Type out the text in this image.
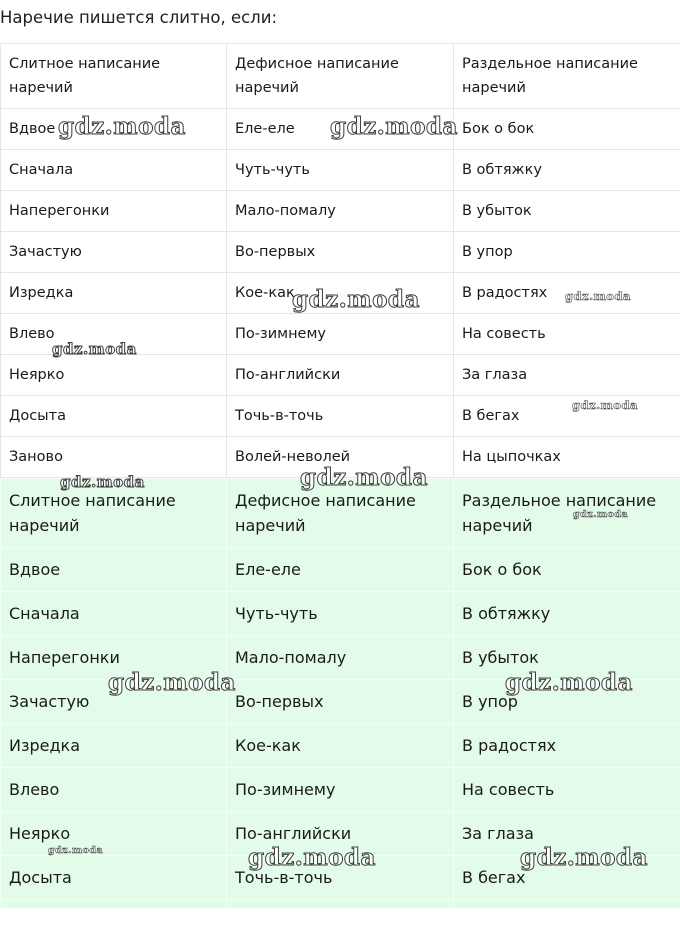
Наречие пишется слитно, если:

Слитное написание наречий	Дефисное написание наречий	Раздельное написание наречий
Вдвое	Еле-еле	Бок о бок
Сначала	Чуть-чуть	В обтяжку
Наперегонки	Мало-помалу	В убыток
Зачастую	Во-первых	В упор
Изредка	Кое-как	В радостях
Влево	По-зимнему	На совесть
Неярко	По-английски	За глаза
Досыта	Точь-в-точь	В бегах
Заново	Волей-неволей	На цыпочках
Слитное написание наречий	Дефисное написание наречий	Раздельное написание наречий
Вдвое	Еле-еле	Бок о бок
Сначала	Чуть-чуть	В обтяжку
Наперегонки	Мало-помалу	В убыток
Зачастую	Во-первых	В упор
Изредка	Кое-как	В радостях
Влево	По-зимнему	На совесть
Неярко	По-английски	За глаза
Досыта	Точь-в-точь	В бегах

gdz.moda	gdz.moda
gdz.moda	gdz.moda
gdz.moda
gdz.moda
gdz.moda	gdz.moda
gdz.moda
gdz.moda	gdz.moda
gdz.moda	gdz.moda	gdz.moda
